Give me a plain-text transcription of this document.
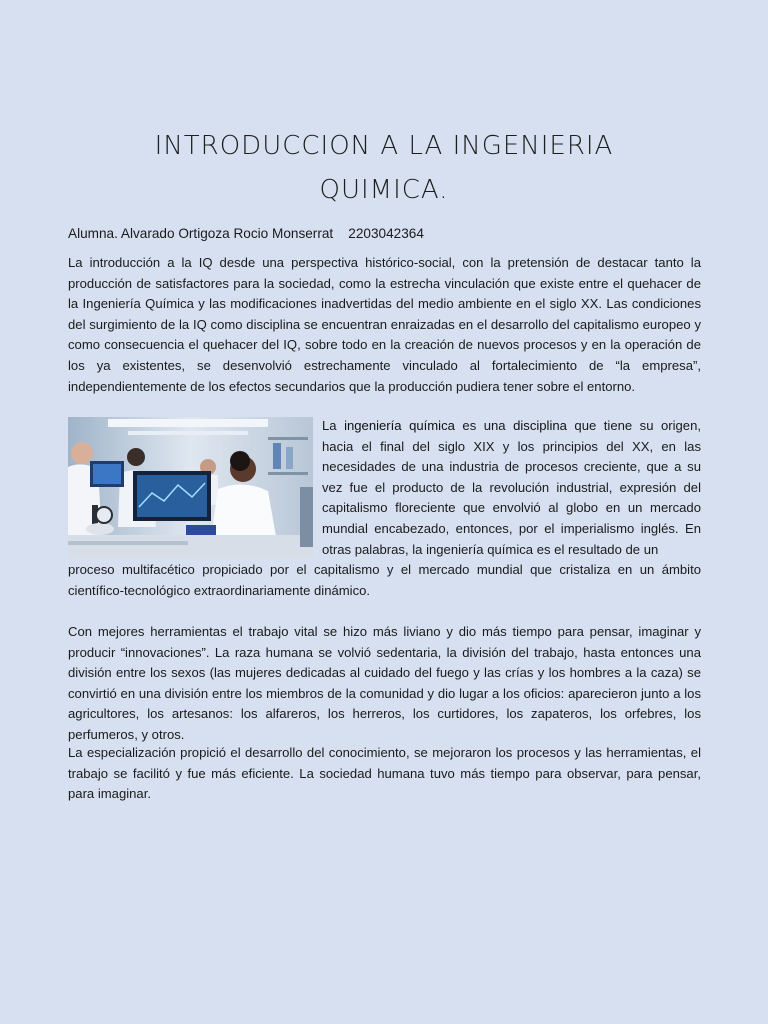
INTRODUCCION A LA INGENIERIA
QUIMICA.
Alumna. Alvarado Ortigoza Rocio Monserrat    2203042364
La introducción a la IQ desde una perspectiva histórico-social, con la pretensión de destacar tanto la producción de satisfactores para la sociedad, como la estrecha vinculación que existe entre el quehacer de la Ingeniería Química y las modificaciones inadvertidas del medio ambiente en el siglo XX. Las condiciones del surgimiento de la IQ como disciplina se encuentran enraizadas en el desarrollo del capitalismo europeo y como consecuencia el quehacer del IQ, sobre todo en la creación de nuevos procesos y en la operación de los ya existentes, se desenvolvió estrechamente vinculado al fortalecimiento de “la empresa”, independientemente de los efectos secundarios que la producción pudiera tener sobre el entorno.
La ingeniería química es una disciplina que tiene su origen, hacia el final del siglo XIX y los principios del XX, en las necesidades de una industria de procesos creciente, que a su vez fue el producto de la revolución industrial, expresión del capitalismo floreciente que envolvió al globo en un mercado mundial encabezado, entonces, por el imperialismo inglés. En otras palabras, la ingeniería química es el resultado de un
proceso multifacético propiciado por el capitalismo y el mercado mundial que cristaliza en un ámbito científico-tecnológico extraordinariamente dinámico.
Con mejores herramientas el trabajo vital se hizo más liviano y dio más tiempo para pensar, imaginar y producir “innovaciones”. La raza humana se volvió sedentaria, la división del trabajo, hasta entonces una división entre los sexos (las mujeres dedicadas al cuidado del fuego y las crías y los hombres a la caza) se convirtió en una división entre los miembros de la comunidad y dio lugar a los oficios: aparecieron junto a los agricultores, los artesanos: los alfareros, los herreros, los curtidores, los zapateros, los orfebres, los perfumeros, y otros.
La especialización propició el desarrollo del conocimiento, se mejoraron los procesos y las herramientas, el trabajo se facilitó y fue más eficiente. La sociedad humana tuvo más tiempo para observar, para pensar, para imaginar.
